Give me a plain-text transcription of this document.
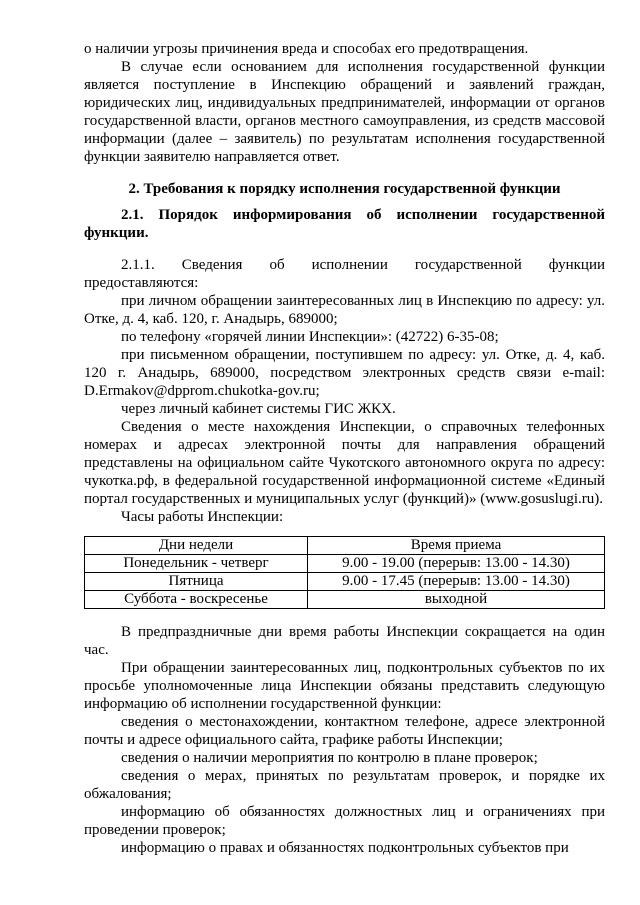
о наличии угрозы причинения вреда и способах его предотвращения.

В случае если основанием для исполнения государственной функции является поступление в Инспекцию обращений и заявлений граждан, юридических лиц, индивидуальных предпринимателей, информации от органов государственной власти, органов местного самоуправления, из средств массовой информации (далее – заявитель) по результатам исполнения государственной функции заявителю направляется ответ.

2. Требования к порядку исполнения государственной функции

2.1. Порядок информирования об исполнении государственной функции.

2.1.1. Сведения об исполнении государственной функции предоставляются:

при личном обращении заинтересованных лиц в Инспекцию по адресу: ул. Отке, д. 4, каб. 120, г. Анадырь, 689000;

по телефону «горячей линии Инспекции»: (42722) 6-35-08;

при письменном обращении, поступившем по адресу: ул. Отке, д. 4, каб. 120 г. Анадырь, 689000, посредством электронных средств связи e-mail: D.Ermakov@dpprom.chukotka-gov.ru;

через личный кабинет системы ГИС ЖКХ.

Сведения о месте нахождения Инспекции, о справочных телефонных номерах и адресах электронной почты для направления обращений представлены на официальном сайте Чукотского автономного округа по адресу: чукотка.рф, в федеральной государственной информационной системе «Единый портал государственных и муниципальных услуг (функций)» (www.gosuslugi.ru).

Часы работы Инспекции:

Дни недели	Время приема
Понедельник - четверг	9.00 - 19.00 (перерыв: 13.00 - 14.30)
Пятница	9.00 - 17.45 (перерыв: 13.00 - 14.30)
Суббота - воскресенье	выходной

В предпраздничные дни время работы Инспекции сокращается на один час.

При обращении заинтересованных лиц, подконтрольных субъектов по их просьбе уполномоченные лица Инспекции обязаны представить следующую информацию об исполнении государственной функции:

сведения о местонахождении, контактном телефоне, адресе электронной почты и адресе официального сайта, графике работы Инспекции;

сведения о наличии мероприятия по контролю в плане проверок;

сведения о мерах, принятых по результатам проверок, и порядке их обжалования;

информацию об обязанностях должностных лиц и ограничениях при проведении проверок;

информацию о правах и обязанностях подконтрольных субъектов при
